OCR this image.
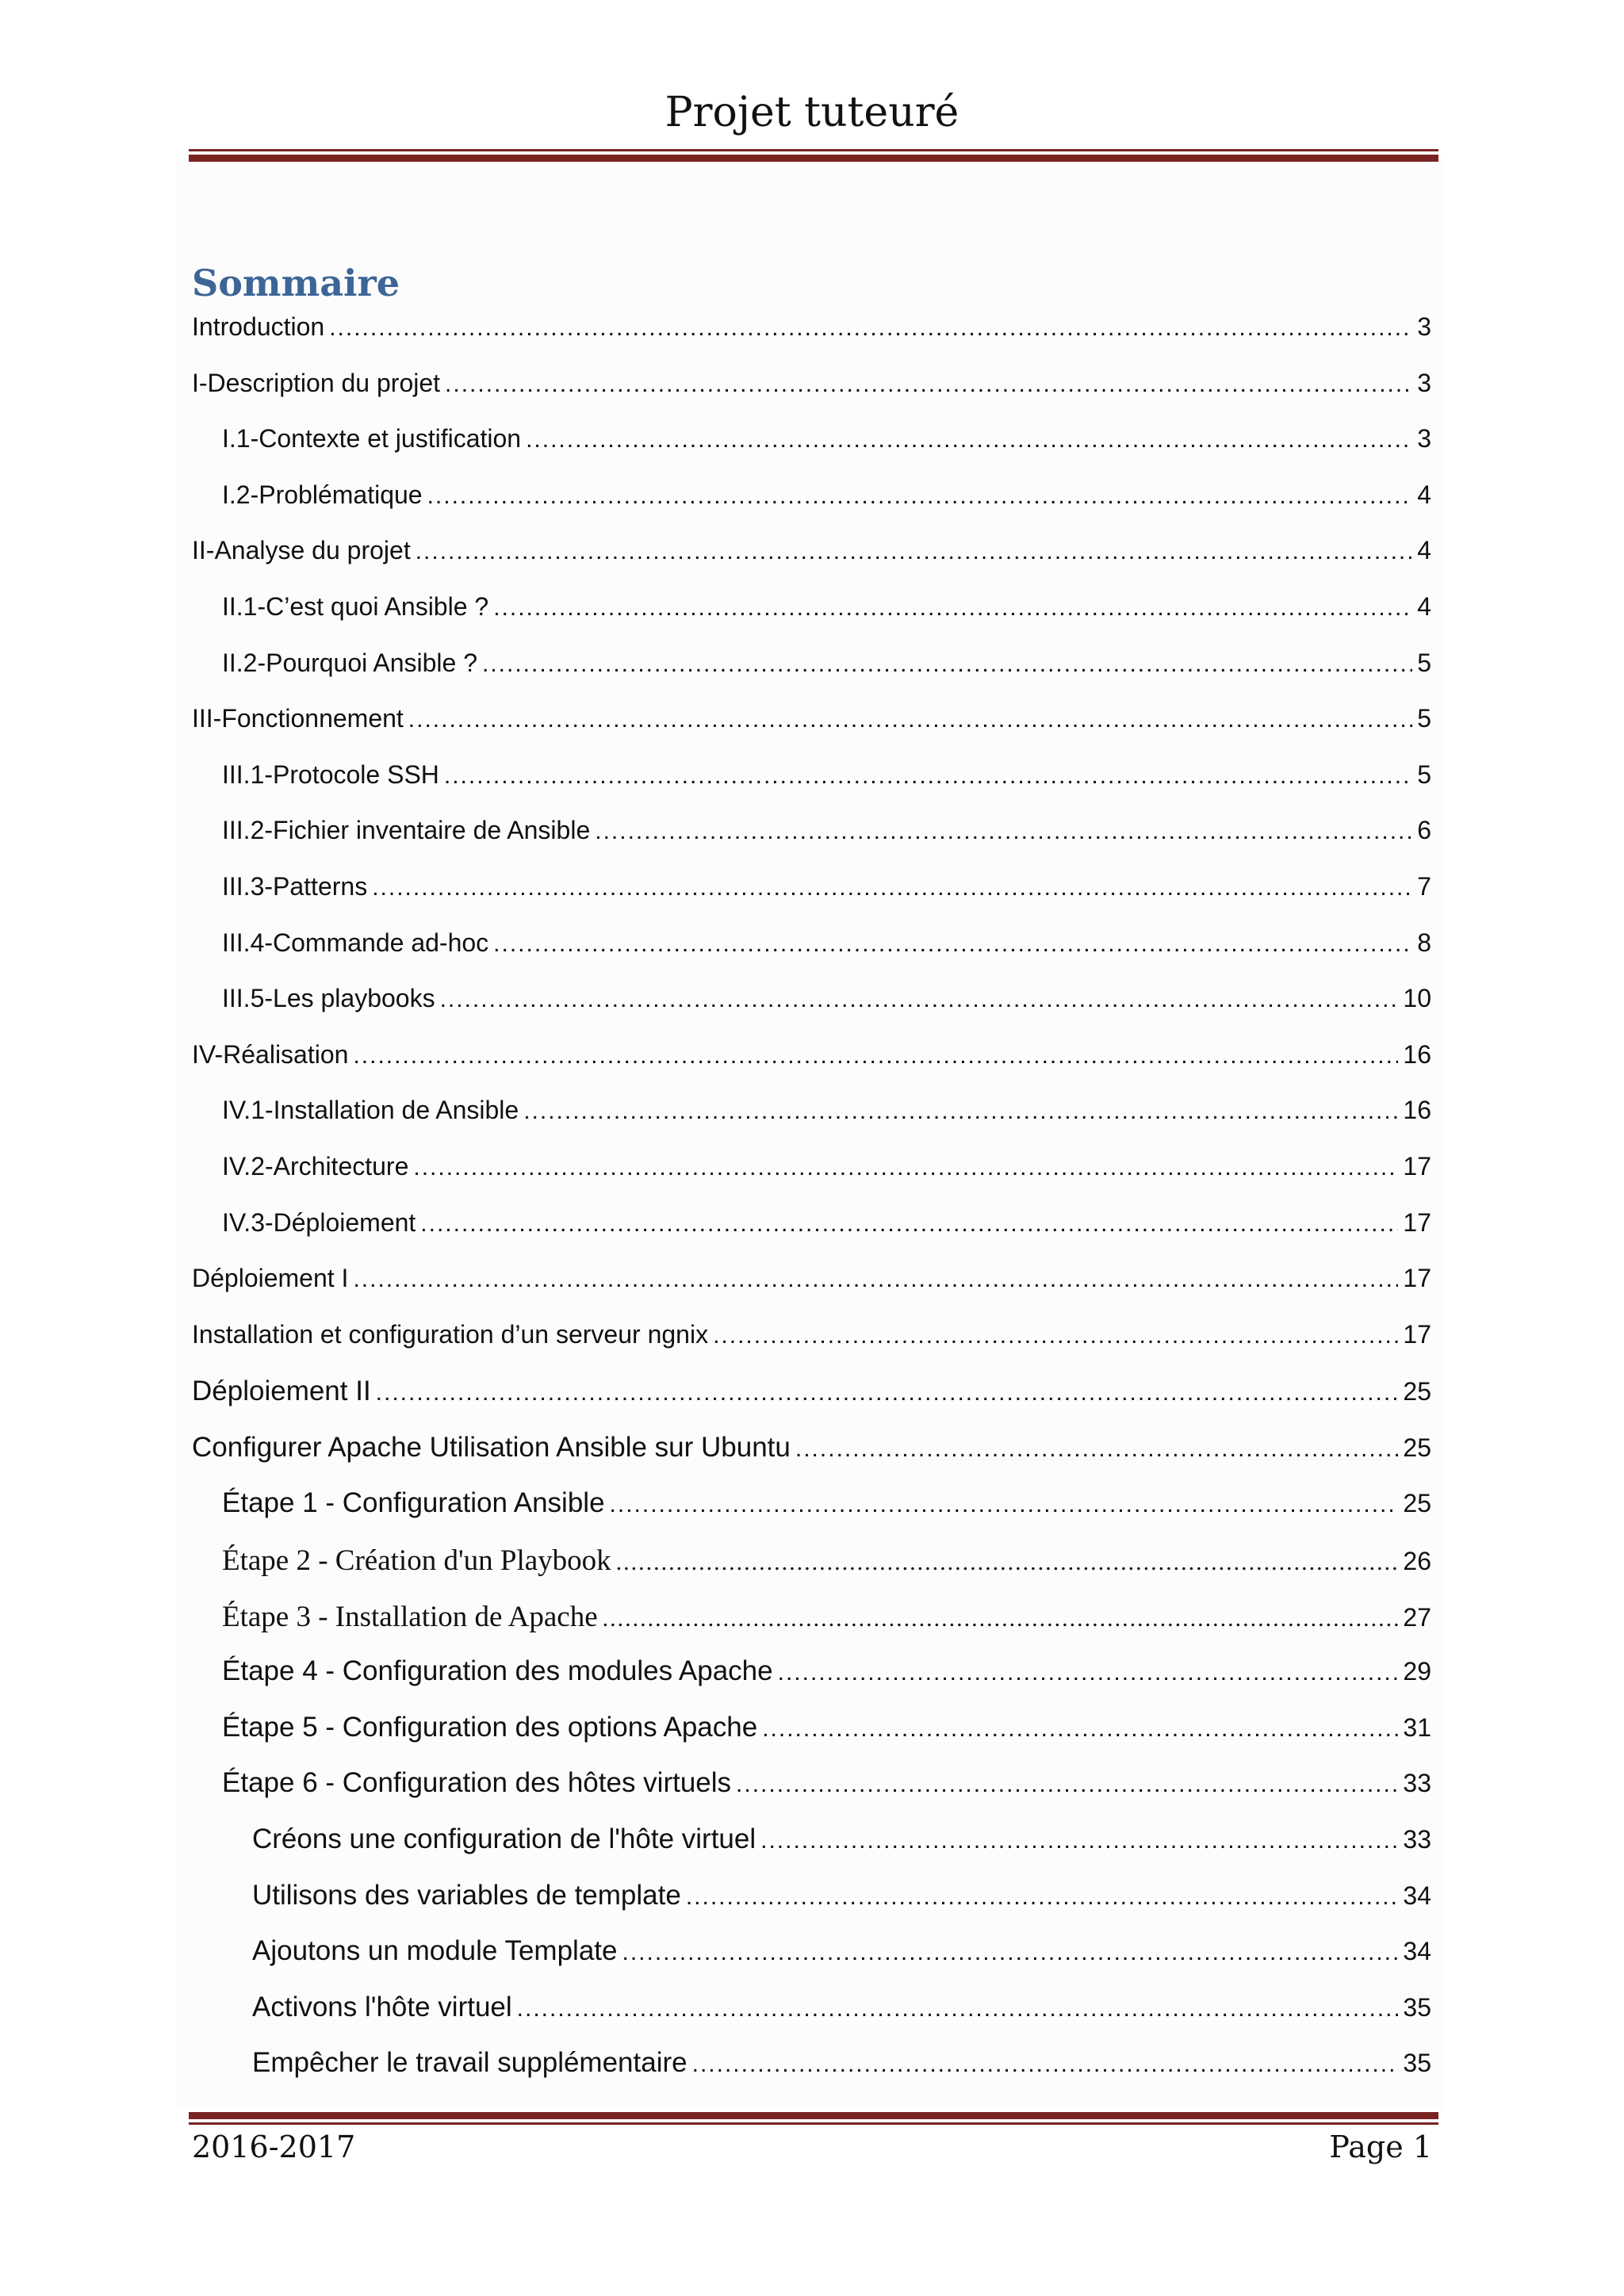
Projet tuteuré
Sommaire
Introduction .....	3
I-Description du projet .....	3
I.1-Contexte et justification .....	3
I.2-Problématique .....	4
II-Analyse du projet .....	4
II.1-C’est quoi Ansible ? .....	4
II.2-Pourquoi Ansible ? .....	5
III-Fonctionnement .....	5
III.1-Protocole SSH .....	5
III.2-Fichier inventaire de Ansible .....	6
III.3-Patterns .....	7
III.4-Commande ad-hoc .....	8
III.5-Les playbooks .....	10
IV-Réalisation .....	16
IV.1-Installation de Ansible .....	16
IV.2-Architecture .....	17
IV.3-Déploiement .....	17
Déploiement I .....	17
Installation et configuration d’un serveur ngnix .....	17
Déploiement II .....	25
Configurer Apache Utilisation Ansible sur Ubuntu .....	25
Étape 1 - Configuration Ansible .....	25
Étape 2 - Création d'un Playbook .....	26
Étape 3 - Installation de Apache .....	27
Étape 4 - Configuration des modules Apache .....	29
Étape 5 - Configuration des options Apache .....	31
Étape 6 - Configuration des hôtes virtuels .....	33
Créons une configuration de l'hôte virtuel .....	33
Utilisons des variables de template .....	34
Ajoutons un module Template .....	34
Activons l'hôte virtuel .....	35
Empêcher le travail supplémentaire .....	35
2016-2017	Page 1
